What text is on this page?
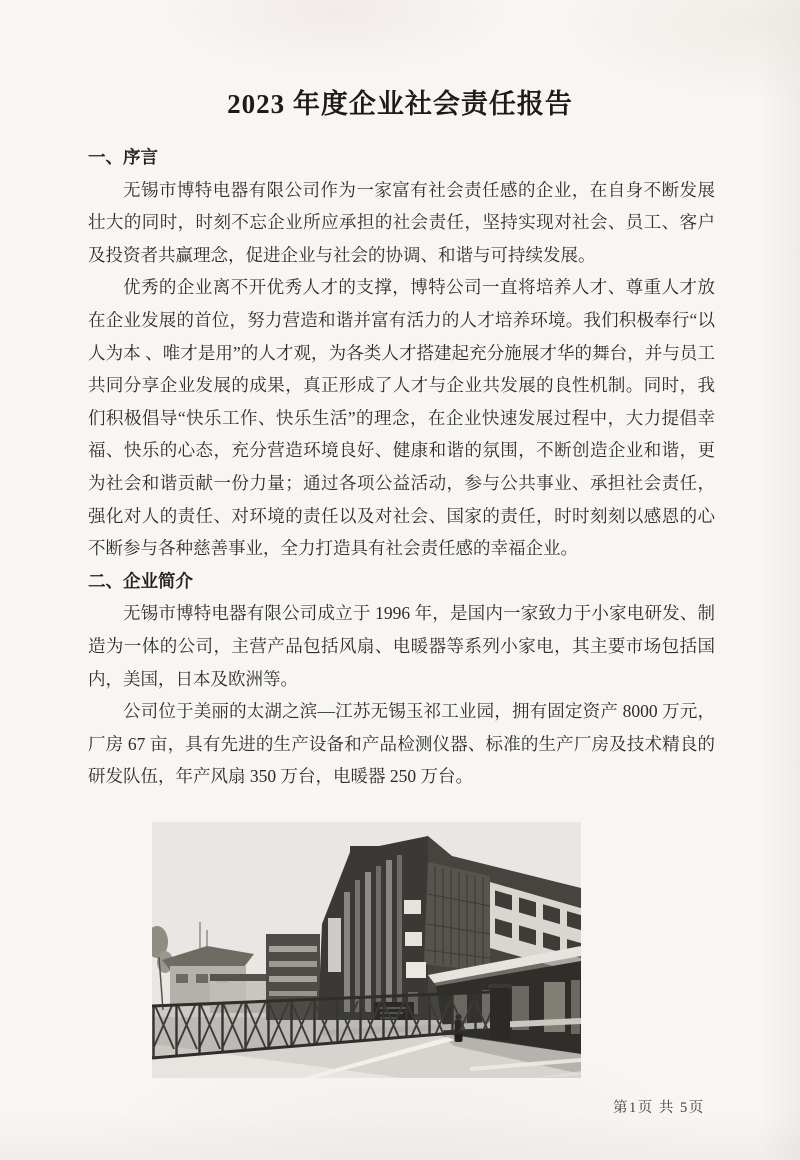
2023 年度企业社会责任报告
一、序言

无锡市博特电器有限公司作为一家富有社会责任感的企业，在自身不断发展壮大的同时，时刻不忘企业所应承担的社会责任，坚持实现对社会、员工、客户及投资者共赢理念，促进企业与社会的协调、和谐与可持续发展。

优秀的企业离不开优秀人才的支撑，博特公司一直将培养人才、尊重人才放在企业发展的首位，努力营造和谐并富有活力的人才培养环境。我们积极奉行“以人为本 、唯才是用”的人才观，为各类人才搭建起充分施展才华的舞台，并与员工共同分享企业发展的成果，真正形成了人才与企业共发展的良性机制。同时，我们积极倡导“快乐工作、快乐生活”的理念，在企业快速发展过程中，大力提倡幸福、快乐的心态，充分营造环境良好、健康和谐的氛围，不断创造企业和谐，更为社会和谐贡献一份力量；通过各项公益活动，参与公共事业、承担社会责任，强化对人的责任、对环境的责任以及对社会、国家的责任，时时刻刻以感恩的心不断参与各种慈善事业，全力打造具有社会责任感的幸福企业。

二、企业简介

无锡市博特电器有限公司成立于 1996 年，是国内一家致力于小家电研发、制造为一体的公司，主营产品包括风扇、电暖器等系列小家电，其主要市场包括国内，美国，日本及欧洲等。

公司位于美丽的太湖之滨—江苏无锡玉祁工业园，拥有固定资产 8000 万元，厂房 67 亩，具有先进的生产设备和产品检测仪器、标准的生产厂房及技术精良的研发队伍，年产风扇 350 万台，电暖器 250 万台。

第1页 共 5页
